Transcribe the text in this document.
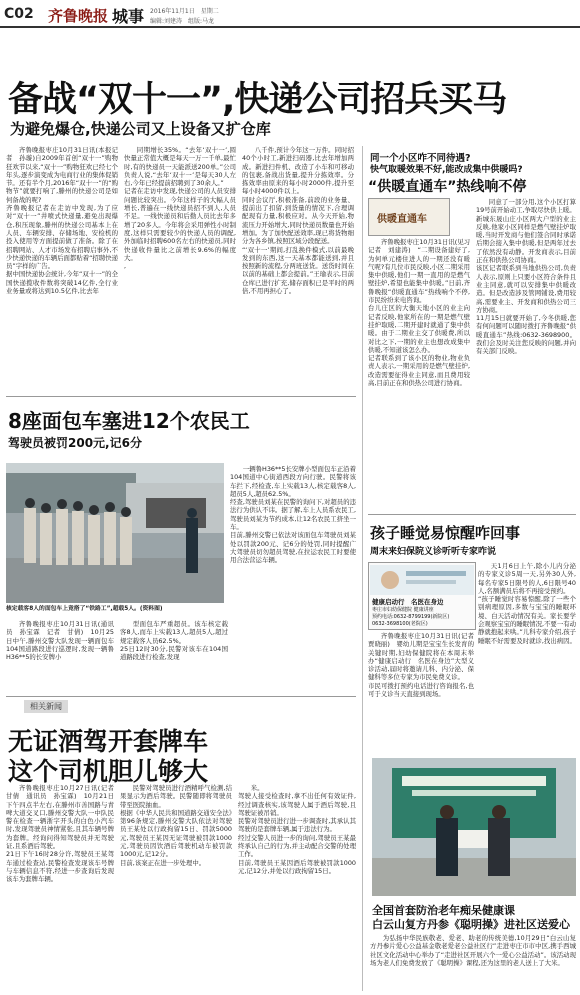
C02 齐鲁晚报 城事 2016年11月1日　星期二
编辑:刘建涛　组版:马龙
备战“双十一”,快递公司招兵买马
为避免爆仓,快递公司又上设备又扩仓库

齐鲁晚报枣庄10月31日讯(本报记者　孙璇)自2009年首创“双十一”购物狂欢节以来,“双十一”购物狂欢已经七个年头,逐步演变成为电商行业的集体促销节。还有半个月,2016年“双十一”的“购物节”就要打响了,滕州的快递公司是如何备战的呢?
齐鲁晚报记者在走访中发现,为了应对“双十一”井喷式快递量,避免出现爆仓,积压现象,滕州的快递公司基本上在人员、车辆安排、存储场地、安检机的投入使用等方面提前做了准备。除了在招聘网站、人才市场发布招聘启事外,不少快递快递的车辆后面都贴着“招聘快递员”字样的广告。
据中国快递协会统计,今年“双十一”的全国快递揽收件数将突破14亿件,全行业业务量或将达到10.5亿件,比去年

同期增长35%。“去年‘双十一’,圆快量正常值大概是每天一万一千单,最忙时,有的快递员一天能派送200单。”公司负责人说,“去年‘双十一’是每天30人左右,今年已经提前招聘到了30余人。”
记者在走访中发现,快递公司的人员安排问题比较突出。今年这样子的大幅人员增长,普遍在一线快递员招不到人,人员不足。一线快递员和后勤人员比去年多增了20多人。今年将会采用弹性小时制度,这样只需要较少的快递人员的调配,外加临时招聘600名左右的快递员,同时快递收件量比之前增长9.6%的幅度大。
,

八千件,预计今年这一万件。同时招40个小时工,新进扫码器,比去年增加两成。新进扫件机、改造了小车和可移动的包裹,备战出货量,提升分拣效率。分拣效率由原来的每小时2000件,提升至每小时4000件以上。
同时会议厅,积极准备,前段的业务量、提前出了扣留,到货量的情况下,合理调配现有力量,积极应对。从今天开始,物流压力开始增大,同时快递员数量也开始增加。为了加快配送效率,现已将货物细分为各乡镇,按照区域分段配送。
“‘双十一’期间,打乱换件模式,以前最晚发到的东西,这一天基本都能送到,并且按照新的流程,分两班送货。送货时间在以前的基础上都会提前。”王瑜表示,目前仓库已进行扩充,储存面积已是平时的两倍,不用再担心了。

8座面包车塞进12个农民工
驾驶员被罚200元,记6分
核定载客8人的面包车上竟搭了“铁路工”,超载5人。(资料图)

一辆鲁H36**5长安牌小型面包车正沿着104国道中心街道西段方向行驶。民警将该车拦下,经检查,车上实载13人,核定载客8人,超员5人,超员62.5%。
经查,驾驶员刘某在民警的询问下,对超员的违法行为供认不讳。据了解,车上人员系农民工,驾驶员刘某为节约成本,让12名农民工挤坐一车。
目前,滕州交警已依法对该面包车驾驶员刘某处以罚款200元、记6分的处罚,同时提醒广大驾驶员切勿超员驾驶,在拉运农民工时要使用合法营运车辆。

齐鲁晚报枣庄10月31日讯(通讯员　孙宝霖　记者　甘倩)　10月25日中午,滕州交警大队发现一辆面包车104国道路段进行巡逻时,发现一辆鲁H36**5的长安牌小

型面包车严重超员。该车核定载客8人,而车上实载13人,超员5人,超过规定载客人员62.5%。
25日12时30分,民警对该车在104国道路段进行检查,发现

相关新闻
无证酒驾开套牌车
这个司机胆儿够大

齐鲁晚报枣庄10月27日讯(记者　甘倩　通讯员　孙宝霖)　10月21日下午四点半左右,在滕州市善国路与青啤大道交叉口,滕州交警大队一中队民警在检查一辆浙字开头的白色小汽车时,发现驾驶员神情紧张,且其车辆号牌为套牌。经询问得知驾驶员并无驾驶证,且系酒后驾驶。
21日下午16时28分许,驾驶员王某驾车通过检查站,民警检查发现该车号牌与车辆信息不符,经进一步查询后发现该车为套牌车辆。

民警对驾驶员进行酒精呼气检测,结果显示为酒后驾驶。民警随即将驾驶员带至医院抽血。
根据《中华人民共和国道路交通安全法》第96条规定,滕州交警大队依法对驾驶员王某处以行政拘留15日、罚款5000元,驾驶员王某因无证驾驶被罚款1000元,驾驶员因饮酒后驾驶机动车被罚款1000元,记12分。
目前,该案正在进一步处理中。

米。
驾驶人接受检查时,拿不出任何有效证件,经过调查核实,该驾驶人属于酒后驾驶,且驾驶证被吊销。
民警对驾驶员进行进一步调查时,其承认其驾驶的是套牌车辆,属于违法行为。
经过交警人员进一步的询问,驾驶员王某最终承认自己的行为,并主动配合交警的处理工作。
目前,驾驶员王某因酒后驾驶被罚款1000元,记12分,并处以行政拘留15日。

同一个小区咋不同待遇?
快气取暖效果不好,能改成集中供暖吗?
“供暖直通车”热线响不停
供暖直通车

齐鲁晚报枣庄10月31日讯(见习记者　刘建涛)　“二期设备建好了,为何单元楼住进人的一期还没有暖气呢?有几位市民反映,小区二期采用集中供暖,他们一期一直用的是燃气壁挂炉,希望也能集中供暖。”日前,齐鲁晚报“供暖直通车”热线响个不停,市民纷纷来电咨询。
台儿庄区的大衡天地小区的业主向记者反映,他家所在的一期是燃气壁挂炉取暖,二期开建时就通了集中供暖。由于二期业主交了供暖费,所以对比之下,一期的业主也想改成集中供暖,不知道该怎么办。
记者联系到了该小区的物业,物业负责人表示,一期采用的是燃气壁挂炉,改造需要征得业主同意,而且费用较高,目前正在和供热公司进行协商。

同意了一部分用,这个小区打算19号前开始动工,争取尽快供上暖。
新城东晟山庄小区两大户型的业主反映,他家小区同样是燃气壁挂炉取暖,当时开发商与他们签合同时承诺后期会接入集中供暖,但是两年过去了依然没有动静。开发商表示,目前正在和供热公司协商。
该区记者联系到当地供热公司,负责人表示,原则上只要小区符合条件且业主同意,就可以安排集中供暖改造。但是改造涉及管网铺设,费用较高,需要业主、开发商和供热公司三方协商。
11月15日就要开始了,今冬供暖,您有何问题可以随时拨打齐鲁晚报“供暖直通车”热线:0632-3698900。我们会及时关注您反映的问题,并向有关部门反映。

孩子睡觉易惊醒咋回事
周末来妇保院义诊听听专家咋说
健康启动行　名医在身边
枣庄市妇幼保健院 健康讲座
预约电话:0632-8799199(新院区)
0632-3698100(老院区)

天1月6日上午,除小儿内分泌的专家义诊5周一天,另外30人外,每名专家5日限号的人,6日限号40人,名额满员后将不再接受预约。
“孩子睡觉时容易惊醒,除了一些个别病理原因,多数与宝宝的睡眠环境、白天活动情况有关。家长要学会观察宝宝的睡眠情况,不要一有动静就抱起来哄。”儿科专家介绍,孩子睡眠不好需要及时就诊,找出病因。

齐鲁晚报枣庄10月31日讯(记者　贾晓丽)　婴幼儿期是宝宝生长发育的关键时期,妇幼保健院将在本周末举办“健康启动行　名医在身边”大型义诊活动,届时将邀请儿科、内分泌、保健科等多位专家为市民免费义诊。
市民可拨打预约电话进行咨询报名,也可于义诊当天直接到现场。

全国首套防治老年痴呆健康课
白云山复方丹参《聪明操》进社区送爱心

为弘扬中华民族敬老、爱老、助老的传统美德,10月29日“白云山复方丹参片爱心公益基金敬老爱老公益社区行”走进枣庄市市中区,携手西城社区文化活动中心举办了“走进社区开展六个一爱心公益活动”。该活动现场为老人们免费发放了《聪明操》课程,还为这里的老人送上了大米。
